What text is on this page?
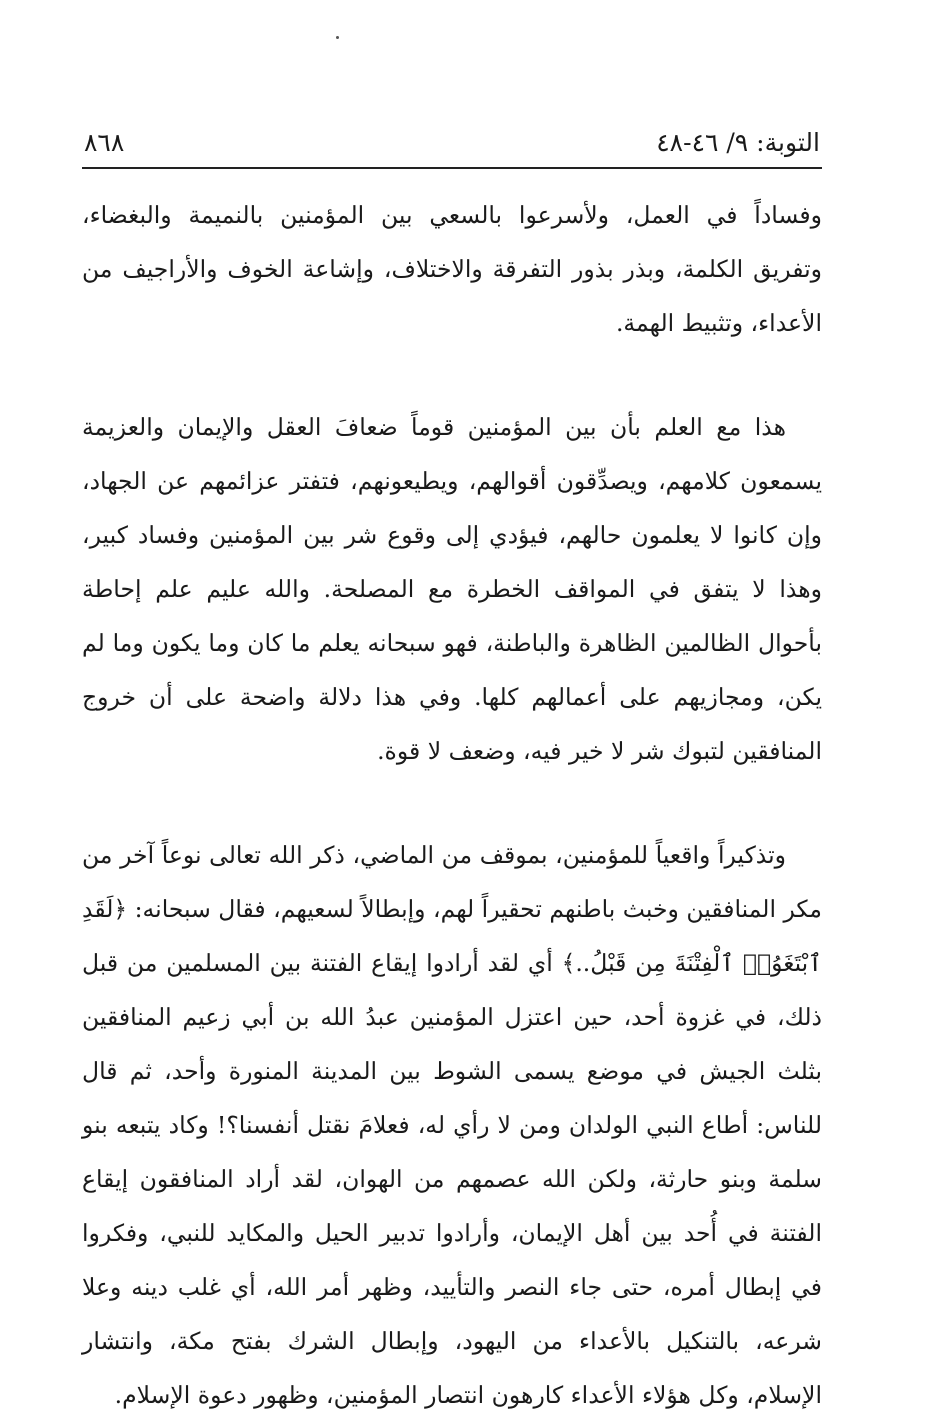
٨٦٨	التوبة: ٩/ ٤٦-٤٨

وفساداً في العمل، ولأسرعوا بالسعي بين المؤمنين بالنميمة والبغضاء، وتفريق الكلمة، وبذر بذور التفرقة والاختلاف، وإشاعة الخوف والأراجيف من الأعداء، وتثبيط الهمة.

هذا مع العلم بأن بين المؤمنين قوماً ضعافَ العقل والإيمان والعزيمة يسمعون كلامهم، ويصدِّقون أقوالهم، ويطيعونهم، فتفتر عزائمهم عن الجهاد، وإن كانوا لا يعلمون حالهم، فيؤدي إلى وقوع شر بين المؤمنين وفساد كبير، وهذا لا يتفق في المواقف الخطرة مع المصلحة. والله عليم علم إحاطة بأحوال الظالمين الظاهرة والباطنة، فهو سبحانه يعلم ما كان وما يكون وما لم يكن، ومجازيهم على أعمالهم كلها. وفي هذا دلالة واضحة على أن خروج المنافقين لتبوك شر لا خير فيه، وضعف لا قوة.

وتذكيراً واقعياً للمؤمنين، بموقف من الماضي، ذكر الله تعالى نوعاً آخر من مكر المنافقين وخبث باطنهم تحقيراً لهم، وإبطالاً لسعيهم، فقال سبحانه: ﴿لَقَدِ ٱبْتَغَوُا۟ ٱلْفِتْنَةَ مِن قَبْلُ..﴾ أي لقد أرادوا إيقاع الفتنة بين المسلمين من قبل ذلك، في غزوة أحد، حين اعتزل المؤمنين عبدُ الله بن أبي زعيم المنافقين بثلث الجيش في موضع يسمى الشوط بين المدينة المنورة وأحد، ثم قال للناس: أطاع النبي الولدان ومن لا رأي له، فعلامَ نقتل أنفسنا؟! وكاد يتبعه بنو سلمة وبنو حارثة، ولكن الله عصمهم من الهوان، لقد أراد المنافقون إيقاع الفتنة في أُحد بين أهل الإيمان، وأرادوا تدبير الحيل والمكايد للنبي، وفكروا في إبطال أمره، حتى جاء النصر والتأييد، وظهر أمر الله، أي غلب دينه وعلا شرعه، بالتنكيل بالأعداء من اليهود، وإبطال الشرك بفتح مكة، وانتشار الإسلام، وكل هؤلاء الأعداء كارهون انتصار المؤمنين، وظهور دعوة الإسلام.
